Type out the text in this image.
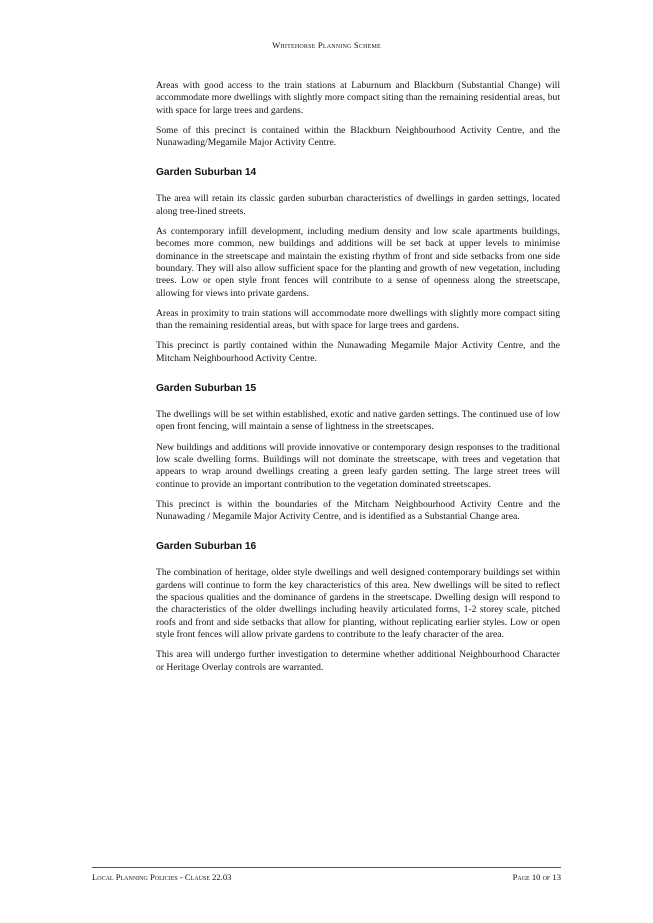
Whitehorse Planning Scheme

Areas with good access to the train stations at Laburnum and Blackburn (Substantial Change) will accommodate more dwellings with slightly more compact siting than the remaining residential areas, but with space for large trees and gardens.

Some of this precinct is contained within the Blackburn Neighbourhood Activity Centre, and the Nunawading/Megamile Major Activity Centre.

Garden Suburban 14

The area will retain its classic garden suburban characteristics of dwellings in garden settings, located along tree-lined streets.

As contemporary infill development, including medium density and low scale apartments buildings, becomes more common, new buildings and additions will be set back at upper levels to minimise dominance in the streetscape and maintain the existing rhythm of front and side setbacks from one side boundary. They will also allow sufficient space for the planting and growth of new vegetation, including trees. Low or open style front fences will contribute to a sense of openness along the streetscape, allowing for views into private gardens.

Areas in proximity to train stations will accommodate more dwellings with slightly more compact siting than the remaining residential areas, but with space for large trees and gardens.

This precinct is partly contained within the Nunawading Megamile Major Activity Centre, and the Mitcham Neighbourhood Activity Centre.

Garden Suburban 15

The dwellings will be set within established, exotic and native garden settings. The continued use of low open front fencing, will maintain a sense of lightness in the streetscapes.

New buildings and additions will provide innovative or contemporary design responses to the traditional low scale dwelling forms. Buildings will not dominate the streetscape, with trees and vegetation that appears to wrap around dwellings creating a green leafy garden setting. The large street trees will continue to provide an important contribution to the vegetation dominated streetscapes.

This precinct is within the boundaries of the Mitcham Neighbourhood Activity Centre and the Nunawading / Megamile Major Activity Centre, and is identified as a Substantial Change area.

Garden Suburban 16

The combination of heritage, older style dwellings and well designed contemporary buildings set within gardens will continue to form the key characteristics of this area. New dwellings will be sited to reflect the spacious qualities and the dominance of gardens in the streetscape. Dwelling design will respond to the characteristics of the older dwellings including heavily articulated forms, 1-2 storey scale, pitched roofs and front and side setbacks that allow for planting, without replicating earlier styles. Low or open style front fences will allow private gardens to contribute to the leafy character of the area.

This area will undergo further investigation to determine whether additional Neighbourhood Character or Heritage Overlay controls are warranted.

Local Planning Policies - Clause 22.03	Page 10 of 13
